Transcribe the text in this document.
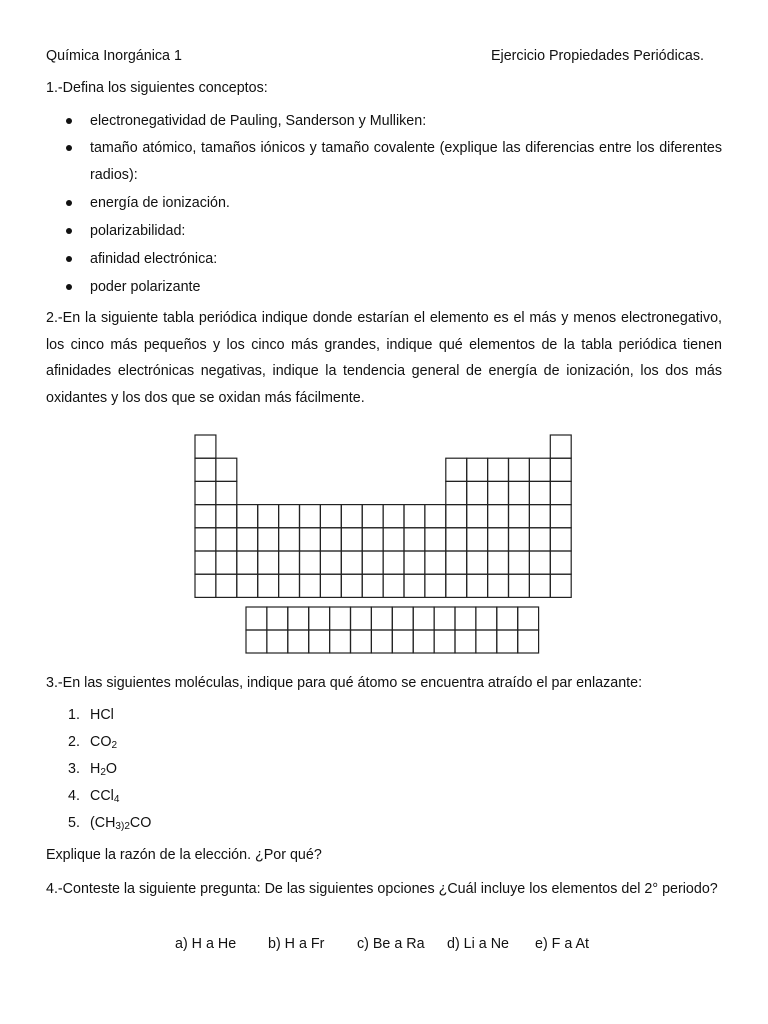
Química Inorgánica 1	Ejercicio Propiedades Periódicas.
1.-Defina los siguientes conceptos:
electronegatividad de Pauling, Sanderson y Mulliken:
tamaño atómico, tamaños iónicos y tamaño covalente (explique las diferencias entre los diferentes radios):
energía de ionización.
polarizabilidad:
afinidad electrónica:
poder polarizante
2.-En la siguiente tabla periódica indique donde estarían el elemento es el más y menos electronegativo, los cinco más pequeños y los cinco más grandes, indique qué elementos de la tabla periódica tienen afinidades electrónicas negativas, indique la tendencia general de energía de ionización, los dos más oxidantes y los dos que se oxidan más fácilmente.
3.-En las siguientes moléculas, indique para qué átomo se encuentra atraído el par enlazante:
1. HCl
2. $CO_2$
3. $H_2O$
4. CCl$_4$
5. ($CH_{3)2}CO$
Explique la razón de la elección. ¿Por qué?
4.-Conteste la siguiente pregunta: De las siguientes opciones ¿Cuál incluye los elementos del 2° periodo?
a) H a He b) H a Fr c) Be a Ra d) Li a Ne e) F a At
